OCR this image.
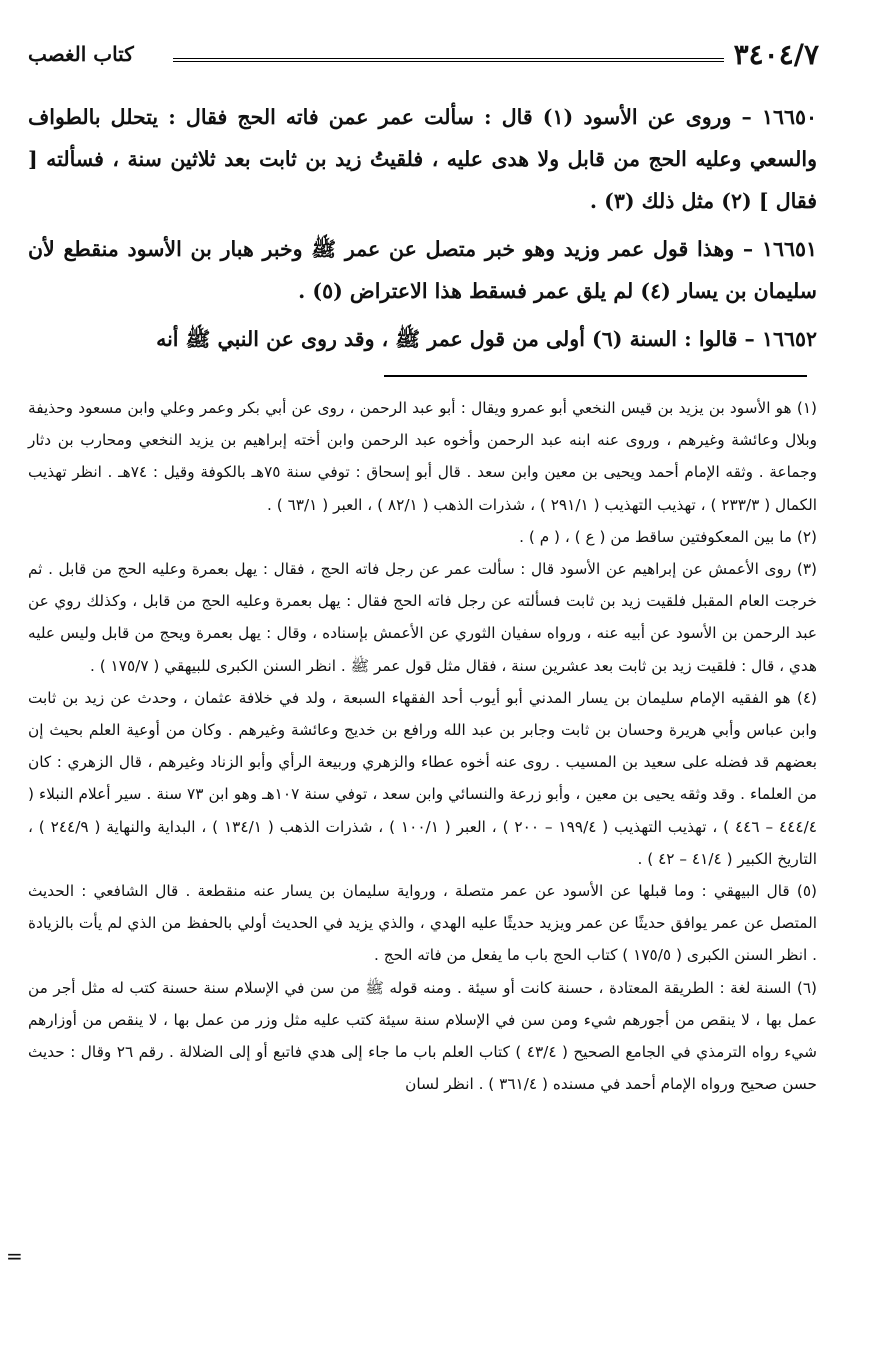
٣٤٠٤/٧
كتاب الغصب

١٦٦٥٠ – وروى عن الأسود (١) قال : سألت عمر عمن فاته الحج فقال : يتحلل بالطواف والسعي وعليه الحج من قابل ولا هدى عليه ، فلقيتُ زيد بن ثابت بعد ثلاثين سنة ، فسألته [ فقال ] (٢) مثل ذلك (٣) .

١٦٦٥١ – وهذا قول عمر وزيد وهو خبر متصل عن عمر ﷺ وخبر هبار بن الأسود منقطع لأن سليمان بن يسار (٤) لم يلق عمر فسقط هذا الاعتراض (٥) .

١٦٦٥٢ – قالوا : السنة (٦) أولى من قول عمر ﷺ ، وقد روى عن النبي ﷺ أنه

(١) هو الأسود بن يزيد بن قيس النخعي أبو عمرو ويقال : أبو عبد الرحمن ، روى عن أبي بكر وعمر وعلي وابن مسعود وحذيفة وبلال وعائشة وغيرهم ، وروى عنه ابنه عبد الرحمن وأخوه عبد الرحمن وابن أخته إبراهيم بن يزيد النخعي ومحارب بن دثار وجماعة . وثقه الإمام أحمد ويحيى بن معين وابن سعد . قال أبو إسحاق : توفي سنة ٧٥هـ بالكوفة وقيل : ٧٤هـ . انظر تهذيب الكمال ( ٢٣٣/٣ ) ، تهذيب التهذيب ( ٢٩١/١ ) ، شذرات الذهب ( ٨٢/١ ) ، العبر ( ٦٣/١ ) .

(٢) ما بين المعكوفتين ساقط من ( ع ) ، ( م ) .

(٣) روى الأعمش عن إبراهيم عن الأسود قال : سألت عمر عن رجل فاته الحج ، فقال : يهل بعمرة وعليه الحج من قابل . ثم خرجت العام المقبل فلقيت زيد بن ثابت فسألته عن رجل فاته الحج فقال : يهل بعمرة وعليه الحج من قابل ، وكذلك روي عن عبد الرحمن بن الأسود عن أبيه عنه ، ورواه سفيان الثوري عن الأعمش بإسناده ، وقال : يهل بعمرة ويحج من قابل وليس عليه هدي ، قال : فلقيت زيد بن ثابت بعد عشرين سنة ، فقال مثل قول عمر ﷺ . انظر السنن الكبرى للبيهقي ( ١٧٥/٧ ) .

(٤) هو الفقيه الإمام سليمان بن يسار المدني أبو أيوب أحد الفقهاء السبعة ، ولد في خلافة عثمان ، وحدث عن زيد بن ثابت وابن عباس وأبي هريرة وحسان بن ثابت وجابر بن عبد الله ورافع بن خديج وعائشة وغيرهم . وكان من أوعية العلم بحيث إن بعضهم قد فضله على سعيد بن المسيب . روى عنه أخوه عطاء والزهري وربيعة الرأي وأبو الزناد وغيرهم ، قال الزهري : كان من العلماء . وقد وثقه يحيى بن معين ، وأبو زرعة والنسائي وابن سعد ، توفي سنة ١٠٧هـ وهو ابن ٧٣ سنة . سير أعلام النبلاء ( ٤٤٤/٤ – ٤٤٦ ) ، تهذيب التهذيب ( ١٩٩/٤ – ٢٠٠ ) ، العبر ( ١٠٠/١ ) ، شذرات الذهب ( ١٣٤/١ ) ، البداية والنهاية ( ٢٤٤/٩ ) ، التاريخ الكبير ( ٤١/٤ – ٤٢ ) .

(٥) قال البيهقي : وما قبلها عن الأسود عن عمر متصلة ، ورواية سليمان بن يسار عنه منقطعة . قال الشافعي : الحديث المتصل عن عمر يوافق حديثًا عن عمر ويزيد حديثًا عليه الهدي ، والذي يزيد في الحديث أولي بالحفظ من الذي لم يأت بالزيادة . انظر السنن الكبرى ( ١٧٥/٥ ) كتاب الحج باب ما يفعل من فاته الحج .

(٦) السنة لغة : الطريقة المعتادة ، حسنة كانت أو سيئة . ومنه قوله ﷺ من سن في الإسلام سنة حسنة كتب له مثل أجر من عمل بها ، لا ينقص من أجورهم شيء ومن سن في الإسلام سنة سيئة كتب عليه مثل وزر من عمل بها ، لا ينقص من أوزارهم شيء رواه الترمذي في الجامع الصحيح ( ٤٣/٤ ) كتاب العلم باب ما جاء إلى هدي فاتبع أو إلى الضلالة . رقم ٢٦ وقال : حديث حسن صحيح ورواه الإمام أحمد في مسنده ( ٣٦١/٤ ) . انظر لسان

=
